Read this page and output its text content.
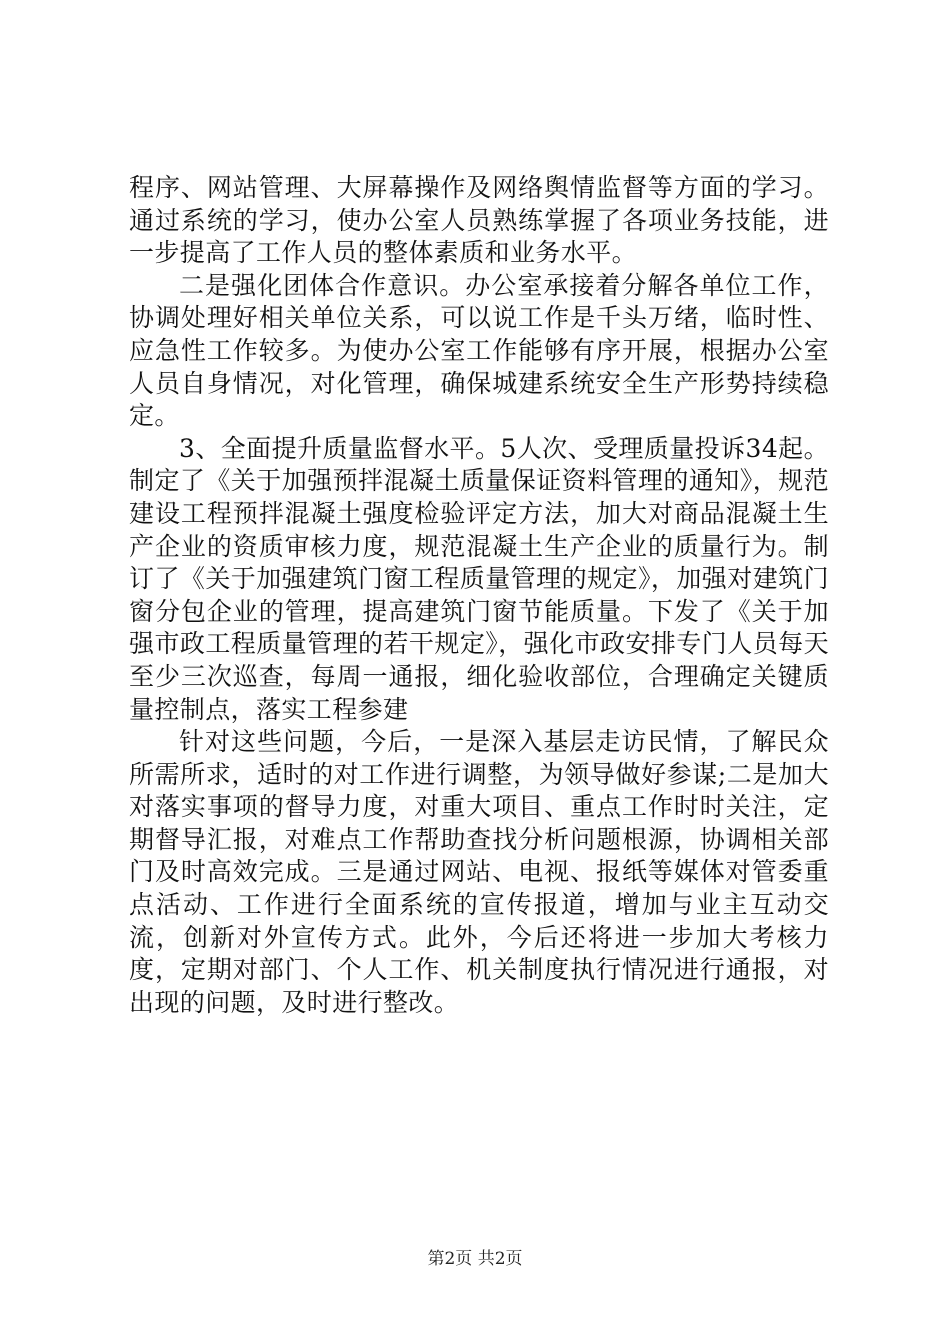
程序、网站管理、大屏幕操作及网络舆情监督等方面的学习。通过系统的学习，使办公室人员熟练掌握了各项业务技能，进一步提高了工作人员的整体素质和业务水平。

二是强化团体合作意识。办公室承接着分解各单位工作，协调处理好相关单位关系，可以说工作是千头万绪，临时性、应急性工作较多。为使办公室工作能够有序开展，根据办公室人员自身情况，对化管理，确保城建系统安全生产形势持续稳定。

3、全面提升质量监督水平。5人次、受理质量投诉34起。制定了《关于加强预拌混凝土质量保证资料管理的通知》，规范建设工程预拌混凝土强度检验评定方法，加大对商品混凝土生产企业的资质审核力度，规范混凝土生产企业的质量行为。制订了《关于加强建筑门窗工程质量管理的规定》，加强对建筑门窗分包企业的管理，提高建筑门窗节能质量。下发了《关于加强市政工程质量管理的若干规定》，强化市政安排专门人员每天至少三次巡查，每周一通报，细化验收部位，合理确定关键质量控制点，落实工程参建

针对这些问题，今后，一是深入基层走访民情，了解民众所需所求，适时的对工作进行调整，为领导做好参谋;二是加大对落实事项的督导力度，对重大项目、重点工作时时关注，定期督导汇报，对难点工作帮助查找分析问题根源，协调相关部门及时高效完成。三是通过网站、电视、报纸等媒体对管委重点活动、工作进行全面系统的宣传报道，增加与业主互动交流，创新对外宣传方式。此外，今后还将进一步加大考核力度，定期对部门、个人工作、机关制度执行情况进行通报，对出现的问题，及时进行整改。

第2页 共2页
